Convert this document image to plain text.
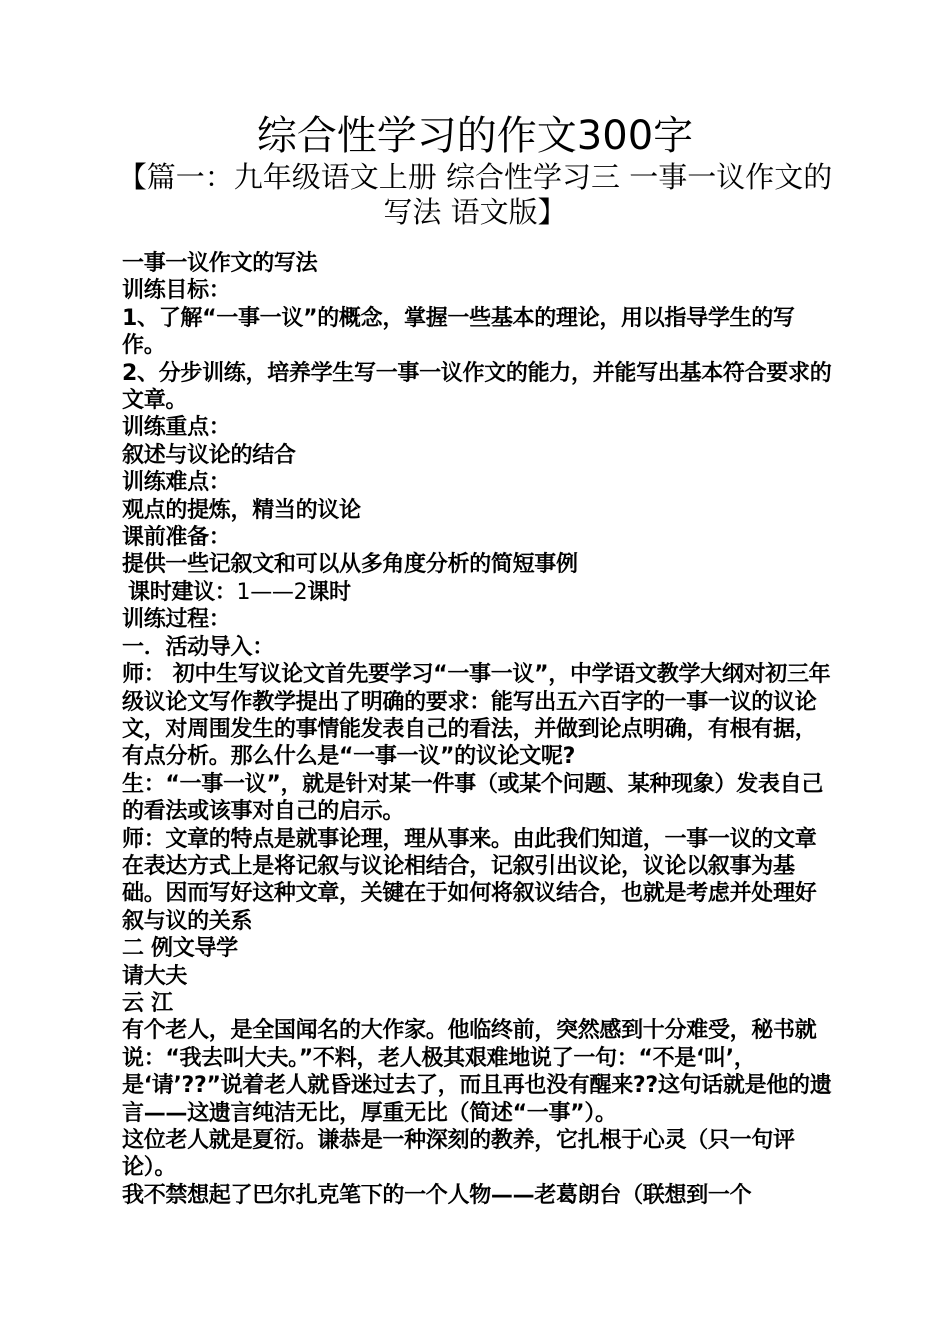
综合性学习的作文300字
【篇一：九年级语文上册 综合性学习三 一事一议作文的写法 语文版】

一事一议作文的写法

训练目标：

1、了解“一事一议”的概念，掌握一些基本的理论，用以指导学生的写作。

2、分步训练，培养学生写一事一议作文的能力，并能写出基本符合要求的文章。

训练重点：

叙述与议论的结合

训练难点：

观点的提炼，精当的议论

课前准备：

提供一些记叙文和可以从多角度分析的简短事例

课时建议：1——2课时

训练过程：

一．活动导入：

师： 初中生写议论文首先要学习“一事一议”，中学语文教学大纲对初三年级议论文写作教学提出了明确的要求：能写出五六百字的一事一议的议论文，对周围发生的事情能发表自己的看法，并做到论点明确，有根有据，有点分析。那么什么是“一事一议”的议论文呢?

生：“一事一议”，就是针对某一件事（或某个问题、某种现象）发表自己的看法或该事对自己的启示。

师：文章的特点是就事论理，理从事来。由此我们知道，一事一议的文章在表达方式上是将记叙与议论相结合，记叙引出议论，议论以叙事为基础。因而写好这种文章，关键在于如何将叙议结合，也就是考虑并处理好叙与议的关系

二 例文导学

请大夫

云 江

有个老人，是全国闻名的大作家。他临终前，突然感到十分难受，秘书就说：“我去叫大夫。”不料，老人极其艰难地说了一句：“不是‘叫’，是‘请’??”说着老人就昏迷过去了，而且再也没有醒来??这句话就是他的遗言——这遗言纯洁无比，厚重无比（简述“一事”）。

这位老人就是夏衍。谦恭是一种深刻的教养，它扎根于心灵（只一句评论）。

我不禁想起了巴尔扎克笔下的一个人物——老葛朗台（联想到一个
